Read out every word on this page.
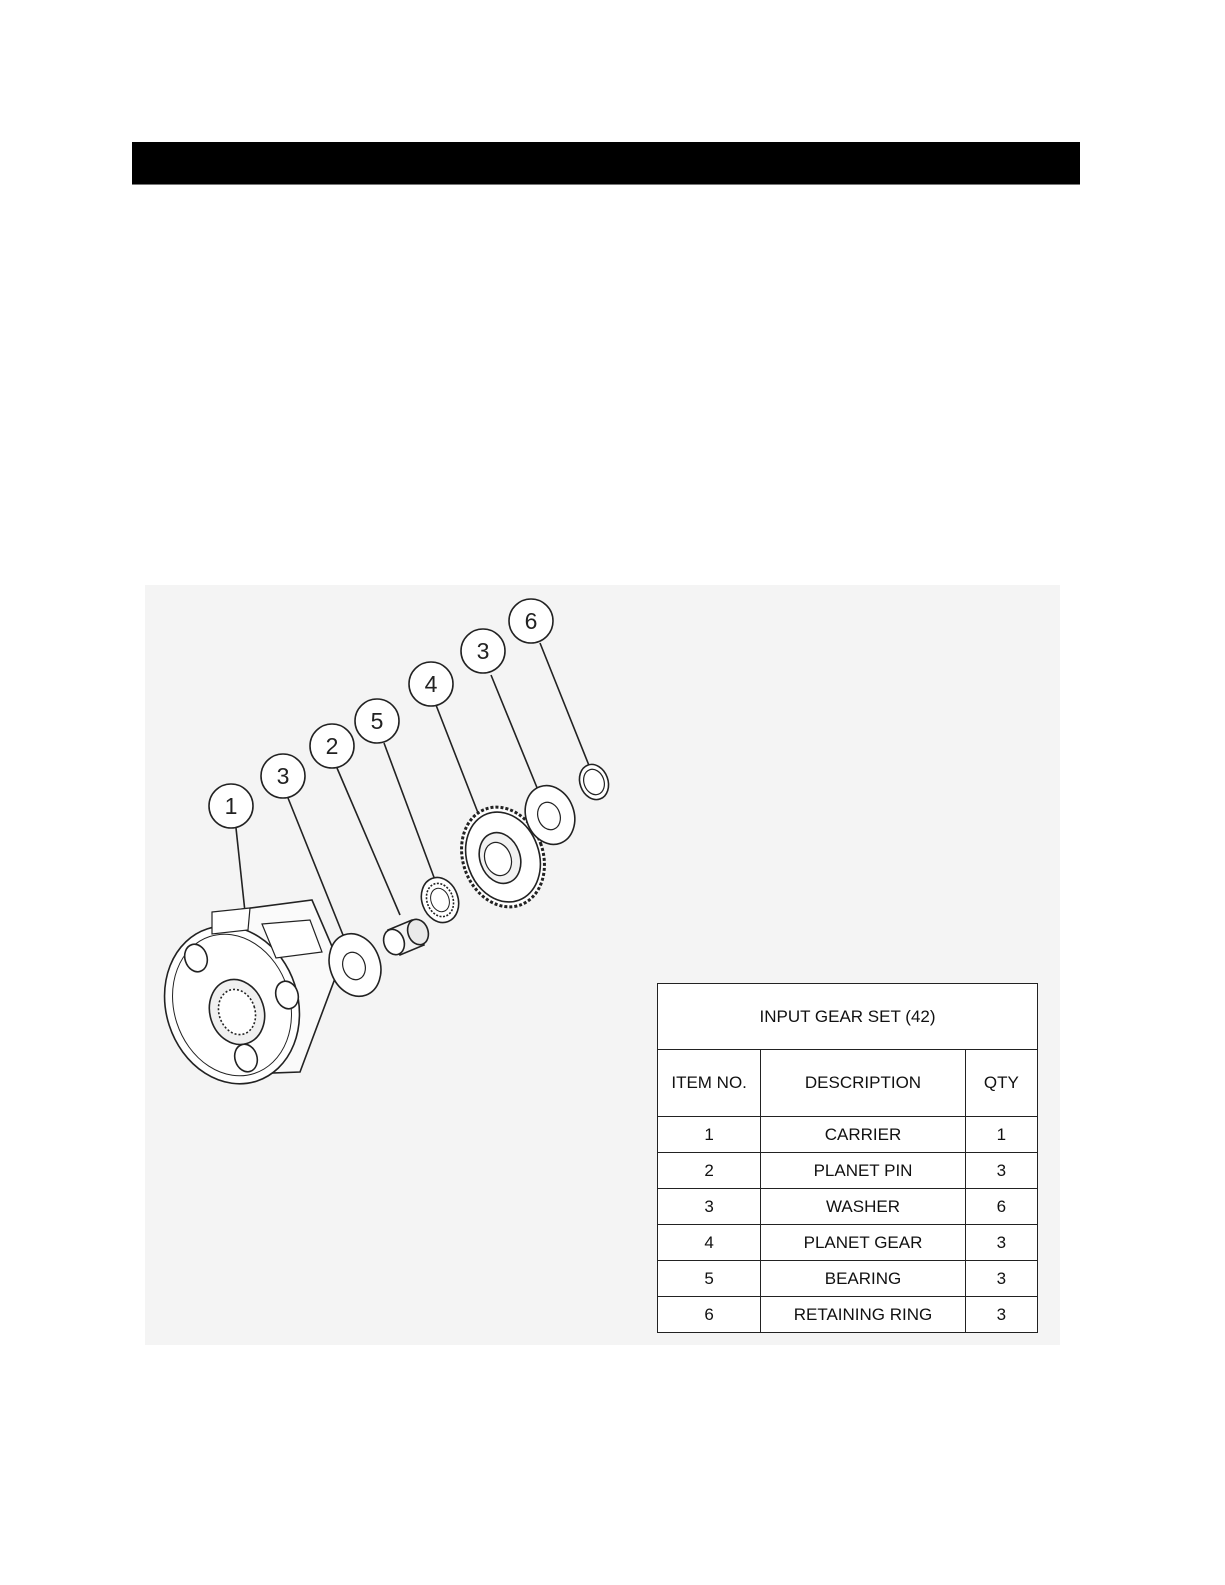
1
3
2
5
4
3
6
INPUT GEAR SET (42)		
ITEM NO.	DESCRIPTION	QTY
1	CARRIER	1
2	PLANET PIN	3
3	WASHER	6
4	PLANET GEAR	3
5	BEARING	3
6	RETAINING RING	3
